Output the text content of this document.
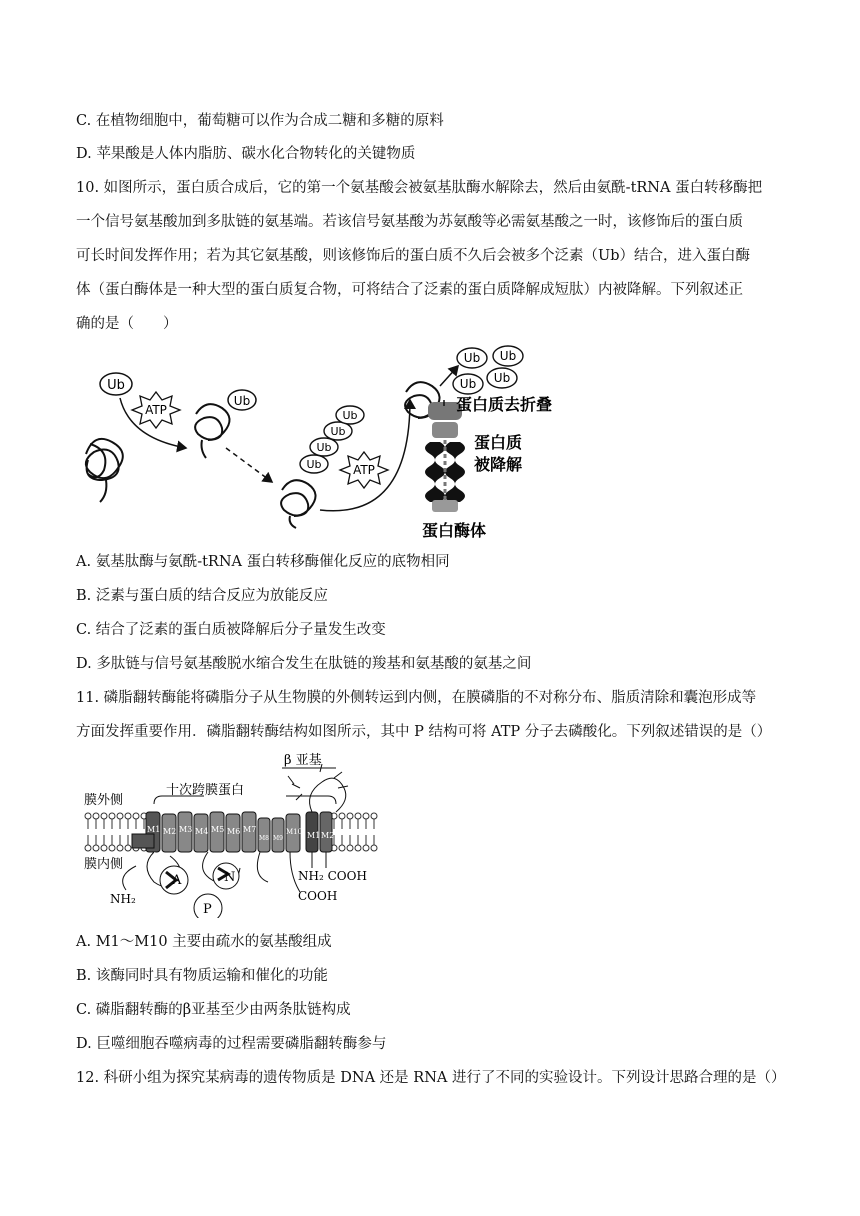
C. 在植物细胞中，葡萄糖可以作为合成二糖和多糖的原料
D. 苹果酸是人体内脂肪、碳水化合物转化的关键物质
10. 如图所示，蛋白质合成后，它的第一个氨基酸会被氨基肽酶水解除去，然后由氨酰-tRNA 蛋白转移酶把
一个信号氨基酸加到多肽链的氨基端。若该信号氨基酸为苏氨酸等必需氨基酸之一时，该修饰后的蛋白质
可长时间发挥作用；若为其它氨基酸，则该修饰后的蛋白质不久后会被多个泛素（Ub）结合，进入蛋白酶
体（蛋白酶体是一种大型的蛋白质复合物，可将结合了泛素的蛋白质降解成短肽）内被降解。下列叙述正
确的是（　　）
Ub
ATP
Ub
Ub
Ub
Ub
Ub
ATP
Ub Ub
Ub Ub
蛋白质去折叠
蛋白质
被降解
蛋白酶体
A. 氨基肽酶与氨酰-tRNA 蛋白转移酶催化反应的底物相同
B. 泛素与蛋白质的结合反应为放能反应
C. 结合了泛素的蛋白质被降解后分子量发生改变
D. 多肽链与信号氨基酸脱水缩合发生在肽链的羧基和氨基酸的氨基之间
11. 磷脂翻转酶能将磷脂分子从生物膜的外侧转运到内侧，在膜磷脂的不对称分布、脂质清除和囊泡形成等
方面发挥重要作用．磷脂翻转酶结构如图所示，其中 P 结构可将 ATP 分子去磷酸化。下列叙述错误的是（）
β 亚基
十次跨膜蛋白
膜外侧
膜内侧
M1 M2 M3 M4 M5 M6 M7
M8 M9
M10 M1 M2
A	N
P
NH₂	COOH
NH₂ COOH
A. M1～M10 主要由疏水的氨基酸组成
B. 该酶同时具有物质运输和催化的功能
C. 磷脂翻转酶的β亚基至少由两条肽链构成
D. 巨噬细胞吞噬病毒的过程需要磷脂翻转酶参与
12. 科研小组为探究某病毒的遗传物质是 DNA 还是 RNA 进行了不同的实验设计。下列设计思路合理的是（）
